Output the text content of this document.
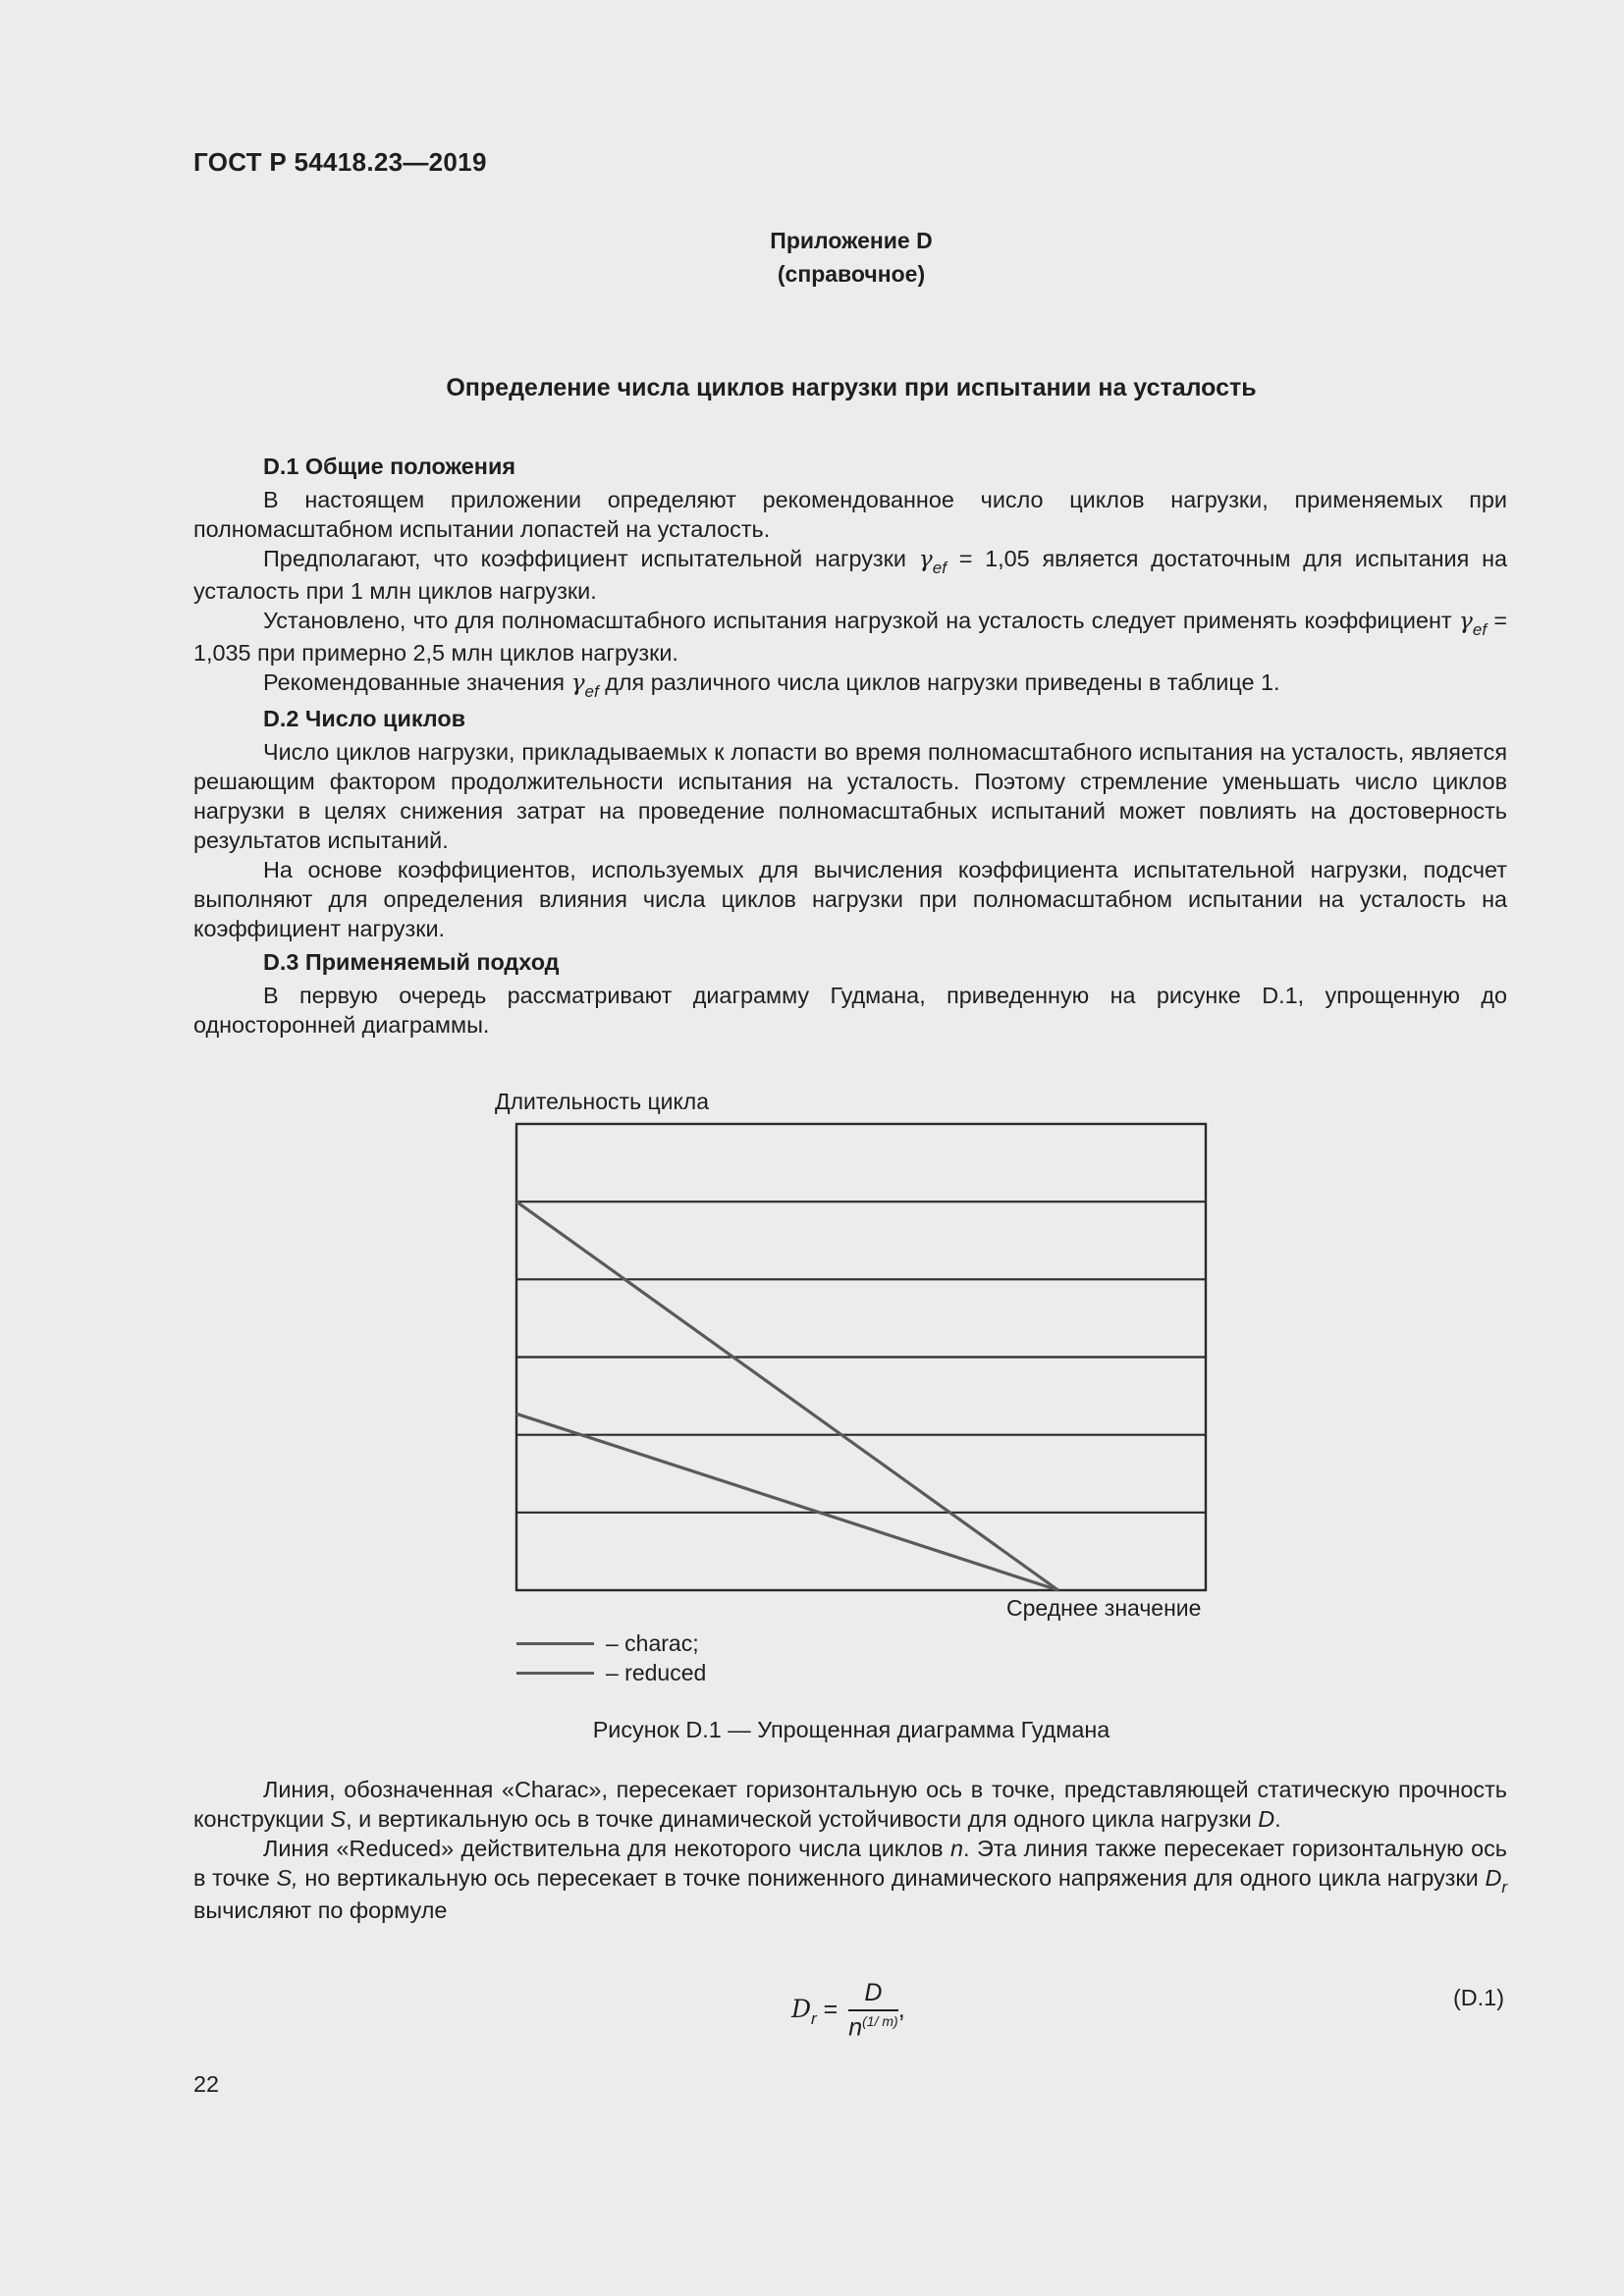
ГОСТ Р 54418.23—2019
Приложение D
(справочное)
Определение числа циклов нагрузки при испытании на усталость
D.1 Общие положения

В настоящем приложении определяют рекомендованное число циклов нагрузки, применяемых при полномасштабном испытании лопастей на усталость.

Предполагают, что коэффициент испытательной нагрузки $\gamma_{ef} = 1,05$ является достаточным для испытания на усталость при 1 млн циклов нагрузки.

Установлено, что для полномасштабного испытания нагрузкой на усталость следует применять коэффициент $\gamma_{ef} = 1,035$ при примерно 2,5 млн циклов нагрузки.

Рекомендованные значения $\gamma_{ef}$ для различного числа циклов нагрузки приведены в таблице 1.

D.2 Число циклов

Число циклов нагрузки, прикладываемых к лопасти во время полномасштабного испытания на усталость, является решающим фактором продолжительности испытания на усталость. Поэтому стремление уменьшать число циклов нагрузки в целях снижения затрат на проведение полномасштабных испытаний может повлиять на достоверность результатов испытаний.

На основе коэффициентов, используемых для вычисления коэффициента испытательной нагрузки, подсчет выполняют для определения влияния числа циклов нагрузки при полномасштабном испытании на усталость на коэффициент нагрузки.

D.3 Применяемый подход

В первую очередь рассматривают диаграмму Гудмана, приведенную на рисунке D.1, упрощенную до односторонней диаграммы.

Длительность цикла
Среднее значение
– charac;
– reduced
Рисунок D.1 — Упрощенная диаграмма Гудмана

Линия, обозначенная «Charac», пересекает горизонтальную ось в точке, представляющей статическую прочность конструкции S, и вертикальную ось в точке динамической устойчивости для одного цикла нагрузки D.

Линия «Reduced» действительна для некоторого числа циклов n. Эта линия также пересекает горизонтальную ось в точке S, но вертикальную ось пересекает в точке пониженного динамического напряжения для одного цикла нагрузки $D_r$ вычисляют по формуле

$D_r = \frac{D}{n^{(1/ m)}}$ ,	(D.1)
22
